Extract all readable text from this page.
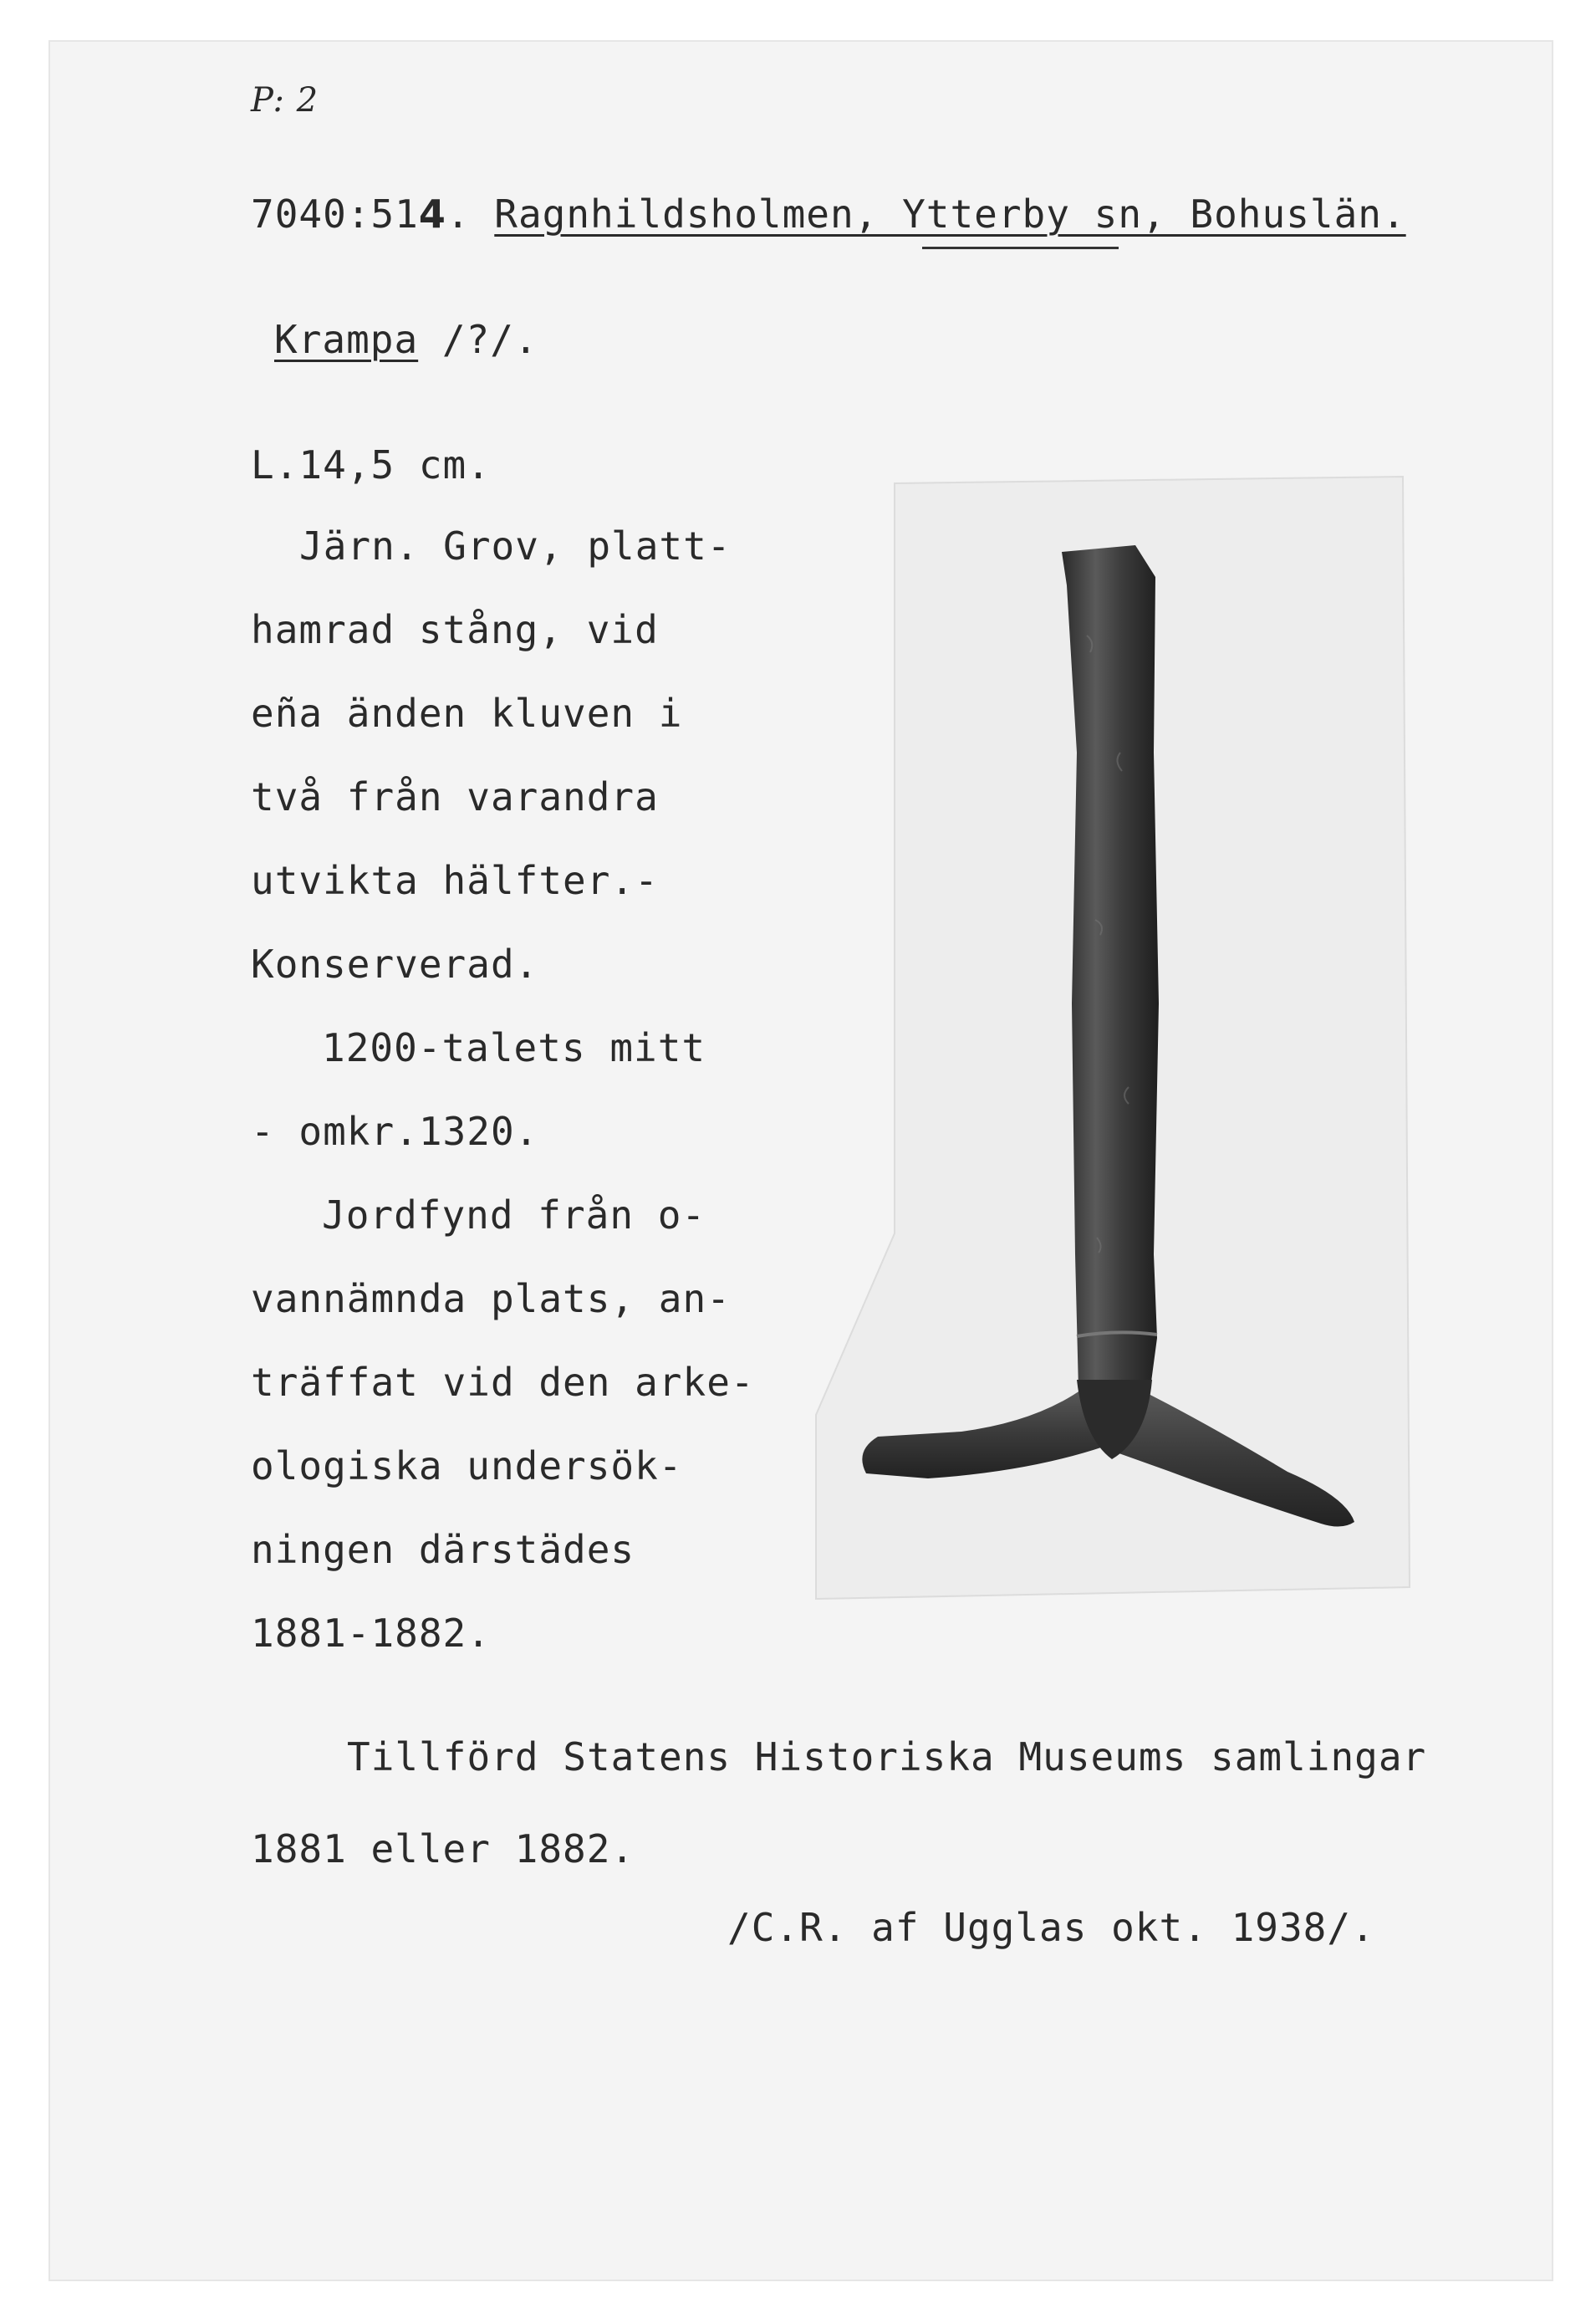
P: 2
7040:514. Ragnhildsholmen, Ytterby sn, Bohuslän.
Krampa /?/.
L.14,5 cm.
Järn. Grov, platt-
hamrad stång, vid
eña änden kluven i
två från varandra
utvikta hälfter.-
Konserverad.
1200-talets mitt
- omkr.1320.
Jordfynd från o-
vannämnda plats, an-
träffat vid den arke-
ologiska undersök-
ningen därstädes
1881-1882.
Tillförd Statens Historiska Museums samlingar
1881 eller 1882.
/C.R. af Ugglas okt. 1938/.
